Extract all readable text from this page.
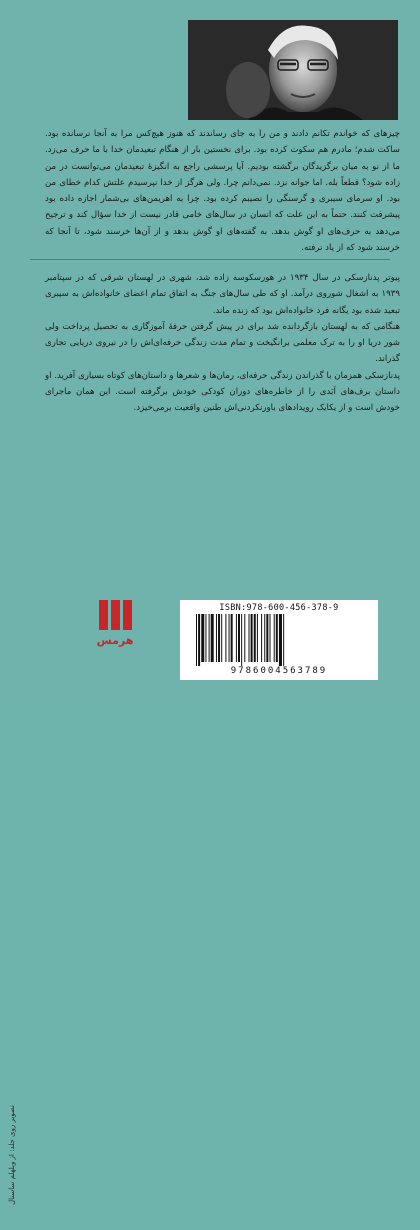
چیزهای که خواندم تکانم دادند و من را به جای رساندند که هنوز هیچ‌کس مرا به آنجا نرسانده بود. ساکت شدم؛ مادرم هم سکوت کرده بود. برای نخستین بار از هنگام تبعیدمان خدا با ما حرف می‌زد. ما از نو به میان برگزیدگان برگشته بودیم. آیا پرسشی راجع به انگیزهٔ تبعیدمان می‌توانست در من زاده شود؟ قطعاً بله. اما جوانه نزد. نمی‌دانم چرا. ولی هرگز از خدا نپرسیدم علتش کدام خطای من بود. او سرمای سیبری و گرسنگی را نصیبم کرده بود. چرا به اهریمن‌های بی‌شمار اجازه داده بود پیشرفت کنند. حتماً به این علت که انسان در سال‌های خامی قادر نیست از خدا سؤال کند و ترجیح می‌دهد به حرف‌های او گوش بدهد. به گفته‌های او گوش بدهد و از آن‌ها خرسند شود، تا آنجا که خرسند شود که از یاد نرفته.

پیوتر پدنازسکی در سال ۱۹۳۴ در هورسکوسه زاده شد، شهری در لهستان شرقی که در سپتامبر ۱۹۳۹ به اشغال شوروی درآمد. او که طی سال‌های جنگ به اتفاق تمام اعضای خانواده‌اش به سیبری تبعید شده بود یگانه فرد خانواده‌اش بود که زنده ماند.

هنگامی که به لهستان بازگردانده شد برای در پیش گرفتن حرفهٔ آموزگاری به تحصیل پرداخت ولی شور دریا او را به ترک معلمی برانگیخت و تمام مدت زندگی حرفه‌ای‌اش را در نیروی دریایی تجاری گذراند.

پدنازسکی همزمان با گذراندن زندگی حرفه‌ای، رمان‌ها و شعرها و داستان‌های کوتاه بسیاری آفرید. او داستان برف‌های اَبَدی را از خاطره‌های دوران کودکی خودش برگرفته است. این همان ماجرای خودش است و از یکایک رویدادهای باورنکردنی‌اش طنین واقعیت برمی‌خیزد.

تصویر روی جلد: از ویلهلم ساسنال
هرمس
ISBN:978-600-456-378-9
9786004563789
